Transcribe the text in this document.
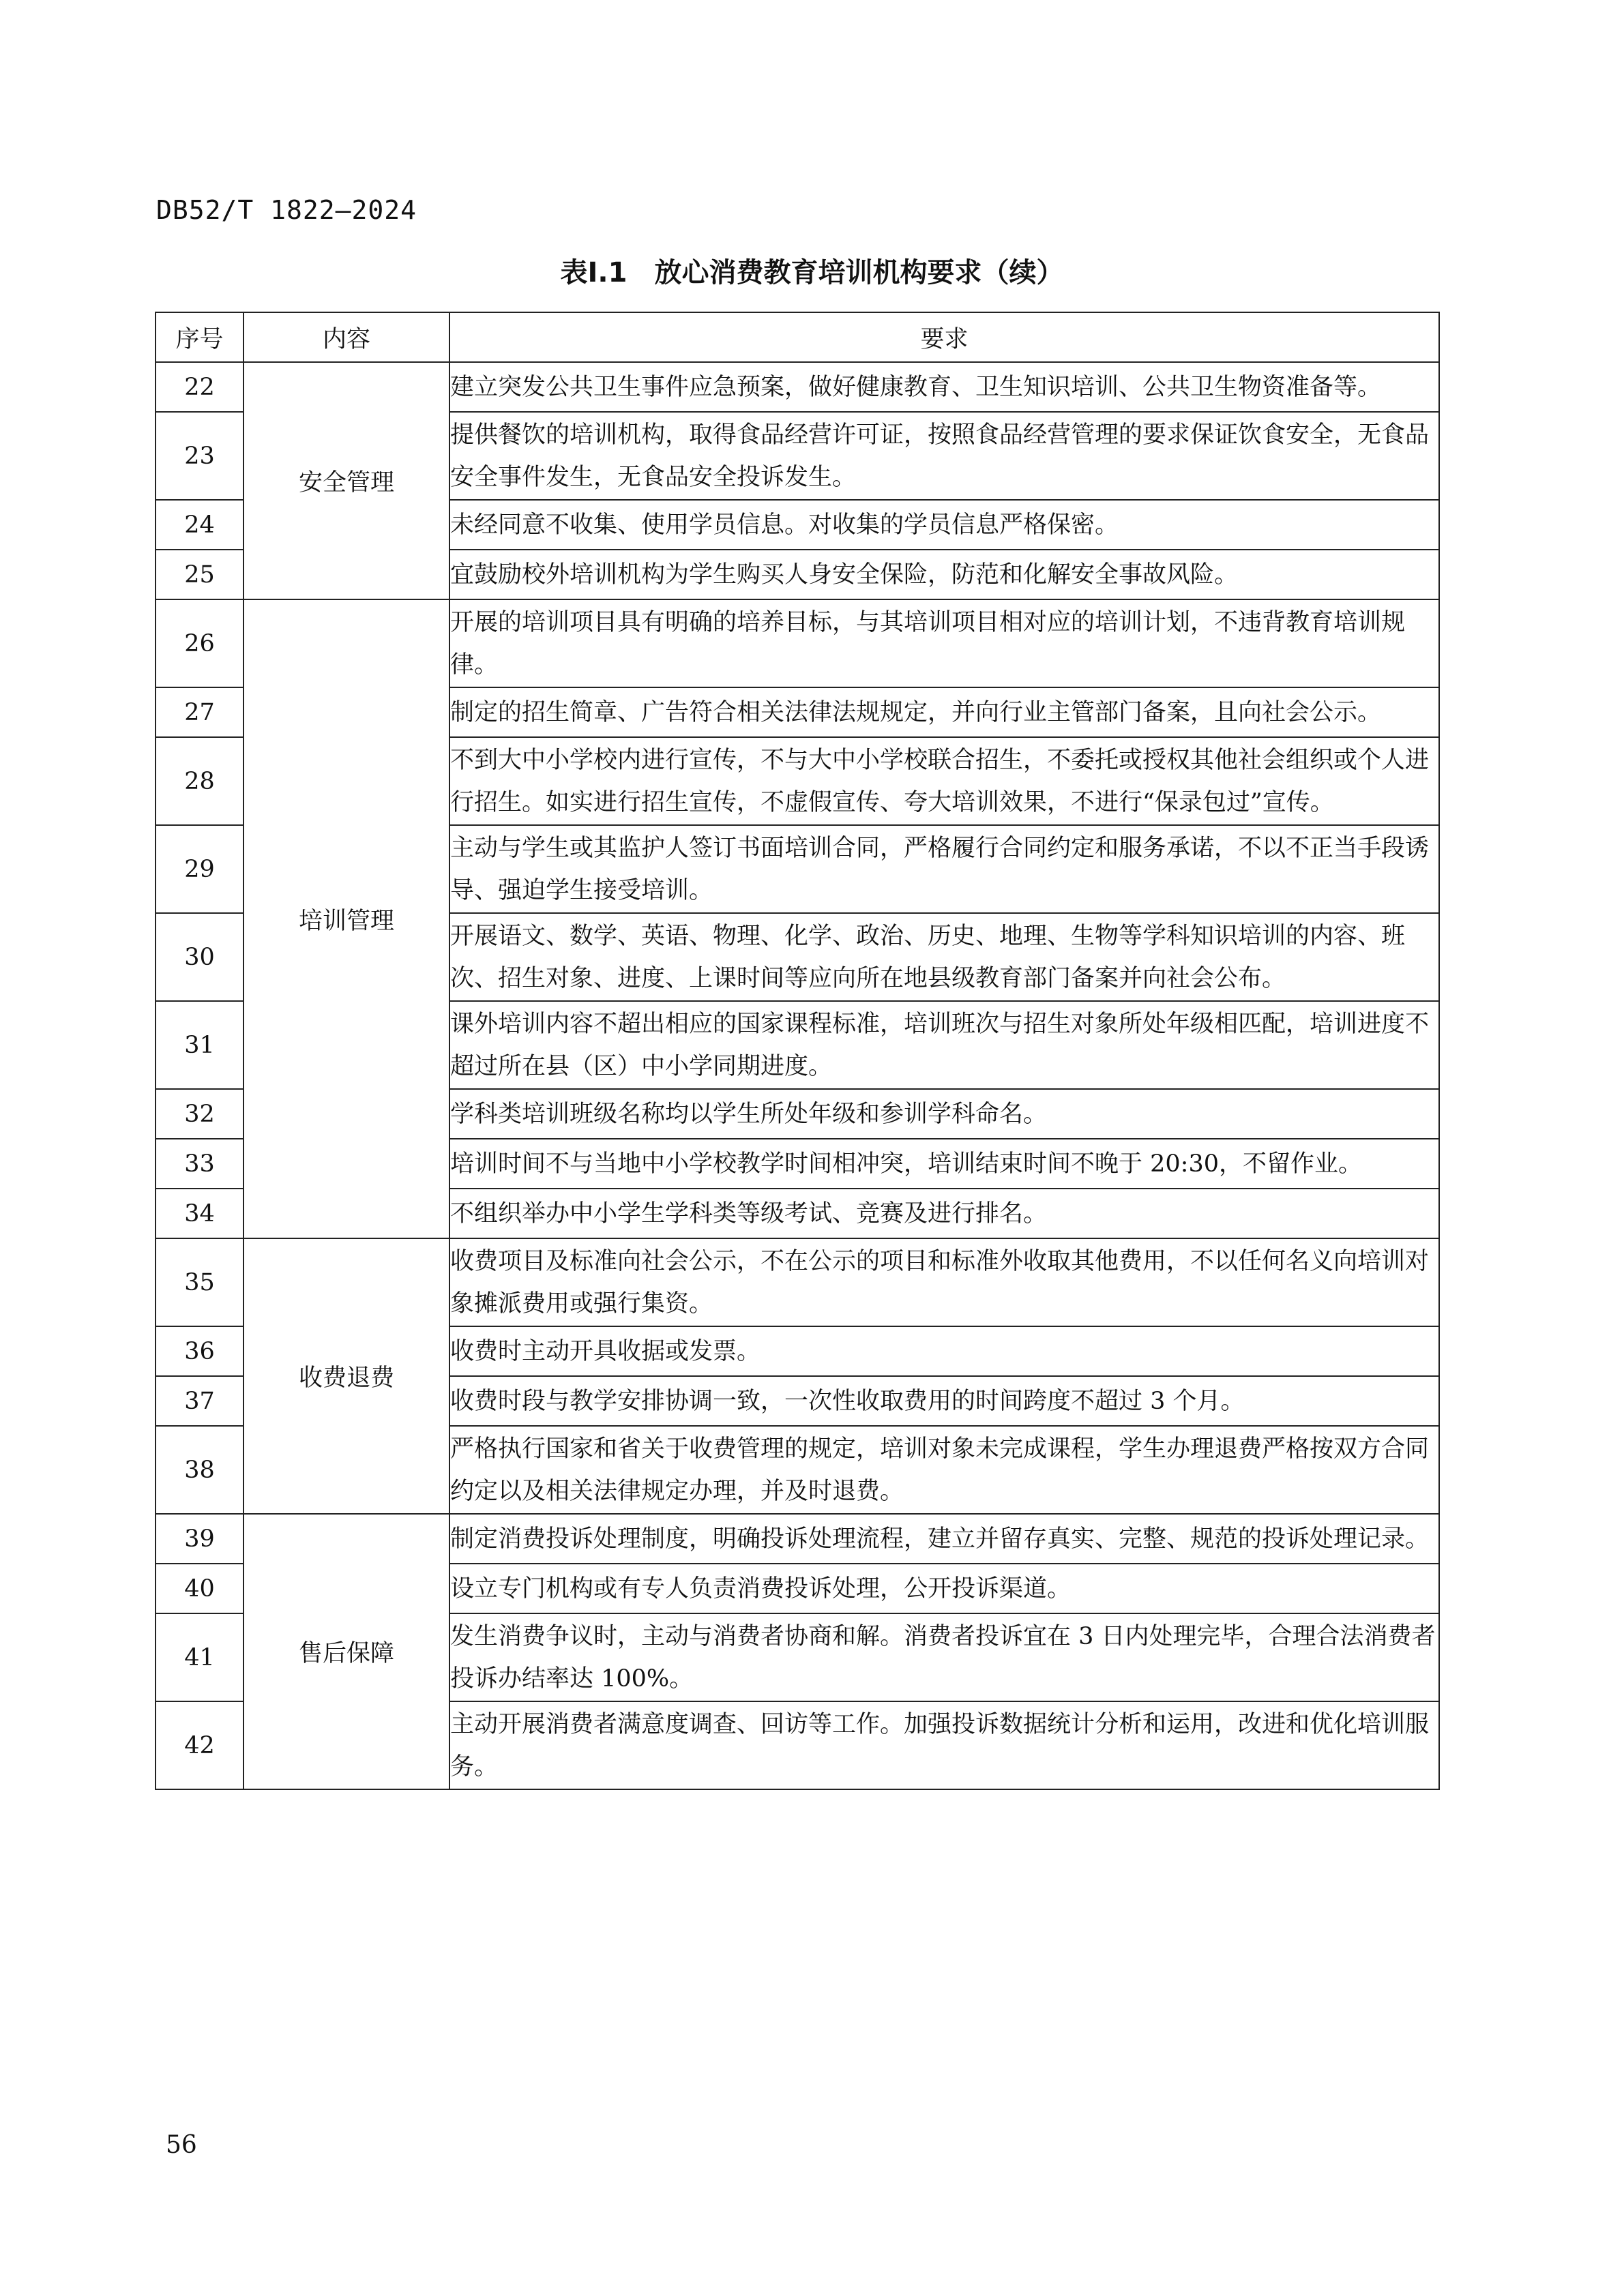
DB52/T 1822—2024
表I.1　放心消费教育培训机构要求（续）
序号	内容	要求
22	安全管理	建立突发公共卫生事件应急预案，做好健康教育、卫生知识培训、公共卫生物资准备等。
23		提供餐饮的培训机构，取得食品经营许可证，按照食品经营管理的要求保证饮食安全，无食品安全事件发生，无食品安全投诉发生。
24		未经同意不收集、使用学员信息。对收集的学员信息严格保密。
25		宜鼓励校外培训机构为学生购买人身安全保险，防范和化解安全事故风险。
26	培训管理	开展的培训项目具有明确的培养目标，与其培训项目相对应的培训计划，不违背教育培训规律。
27		制定的招生简章、广告符合相关法律法规规定，并向行业主管部门备案，且向社会公示。
28		不到大中小学校内进行宣传，不与大中小学校联合招生，不委托或授权其他社会组织或个人进行招生。如实进行招生宣传，不虚假宣传、夸大培训效果，不进行“保录包过”宣传。
29		主动与学生或其监护人签订书面培训合同，严格履行合同约定和服务承诺，不以不正当手段诱导、强迫学生接受培训。
30		开展语文、数学、英语、物理、化学、政治、历史、地理、生物等学科知识培训的内容、班次、招生对象、进度、上课时间等应向所在地县级教育部门备案并向社会公布。
31		课外培训内容不超出相应的国家课程标准，培训班次与招生对象所处年级相匹配，培训进度不超过所在县（区）中小学同期进度。
32		学科类培训班级名称均以学生所处年级和参训学科命名。
33		培训时间不与当地中小学校教学时间相冲突，培训结束时间不晚于 20:30，不留作业。
34		不组织举办中小学生学科类等级考试、竞赛及进行排名。
35	收费退费	收费项目及标准向社会公示，不在公示的项目和标准外收取其他费用，不以任何名义向培训对象摊派费用或强行集资。
36		收费时主动开具收据或发票。
37		收费时段与教学安排协调一致，一次性收取费用的时间跨度不超过 3 个月。
38		严格执行国家和省关于收费管理的规定，培训对象未完成课程，学生办理退费严格按双方合同约定以及相关法律规定办理，并及时退费。
39	售后保障	制定消费投诉处理制度，明确投诉处理流程，建立并留存真实、完整、规范的投诉处理记录。
40		设立专门机构或有专人负责消费投诉处理，公开投诉渠道。
41		发生消费争议时，主动与消费者协商和解。消费者投诉宜在 3 日内处理完毕，合理合法消费者投诉办结率达 100%。
42		主动开展消费者满意度调查、回访等工作。加强投诉数据统计分析和运用，改进和优化培训服务。
56
